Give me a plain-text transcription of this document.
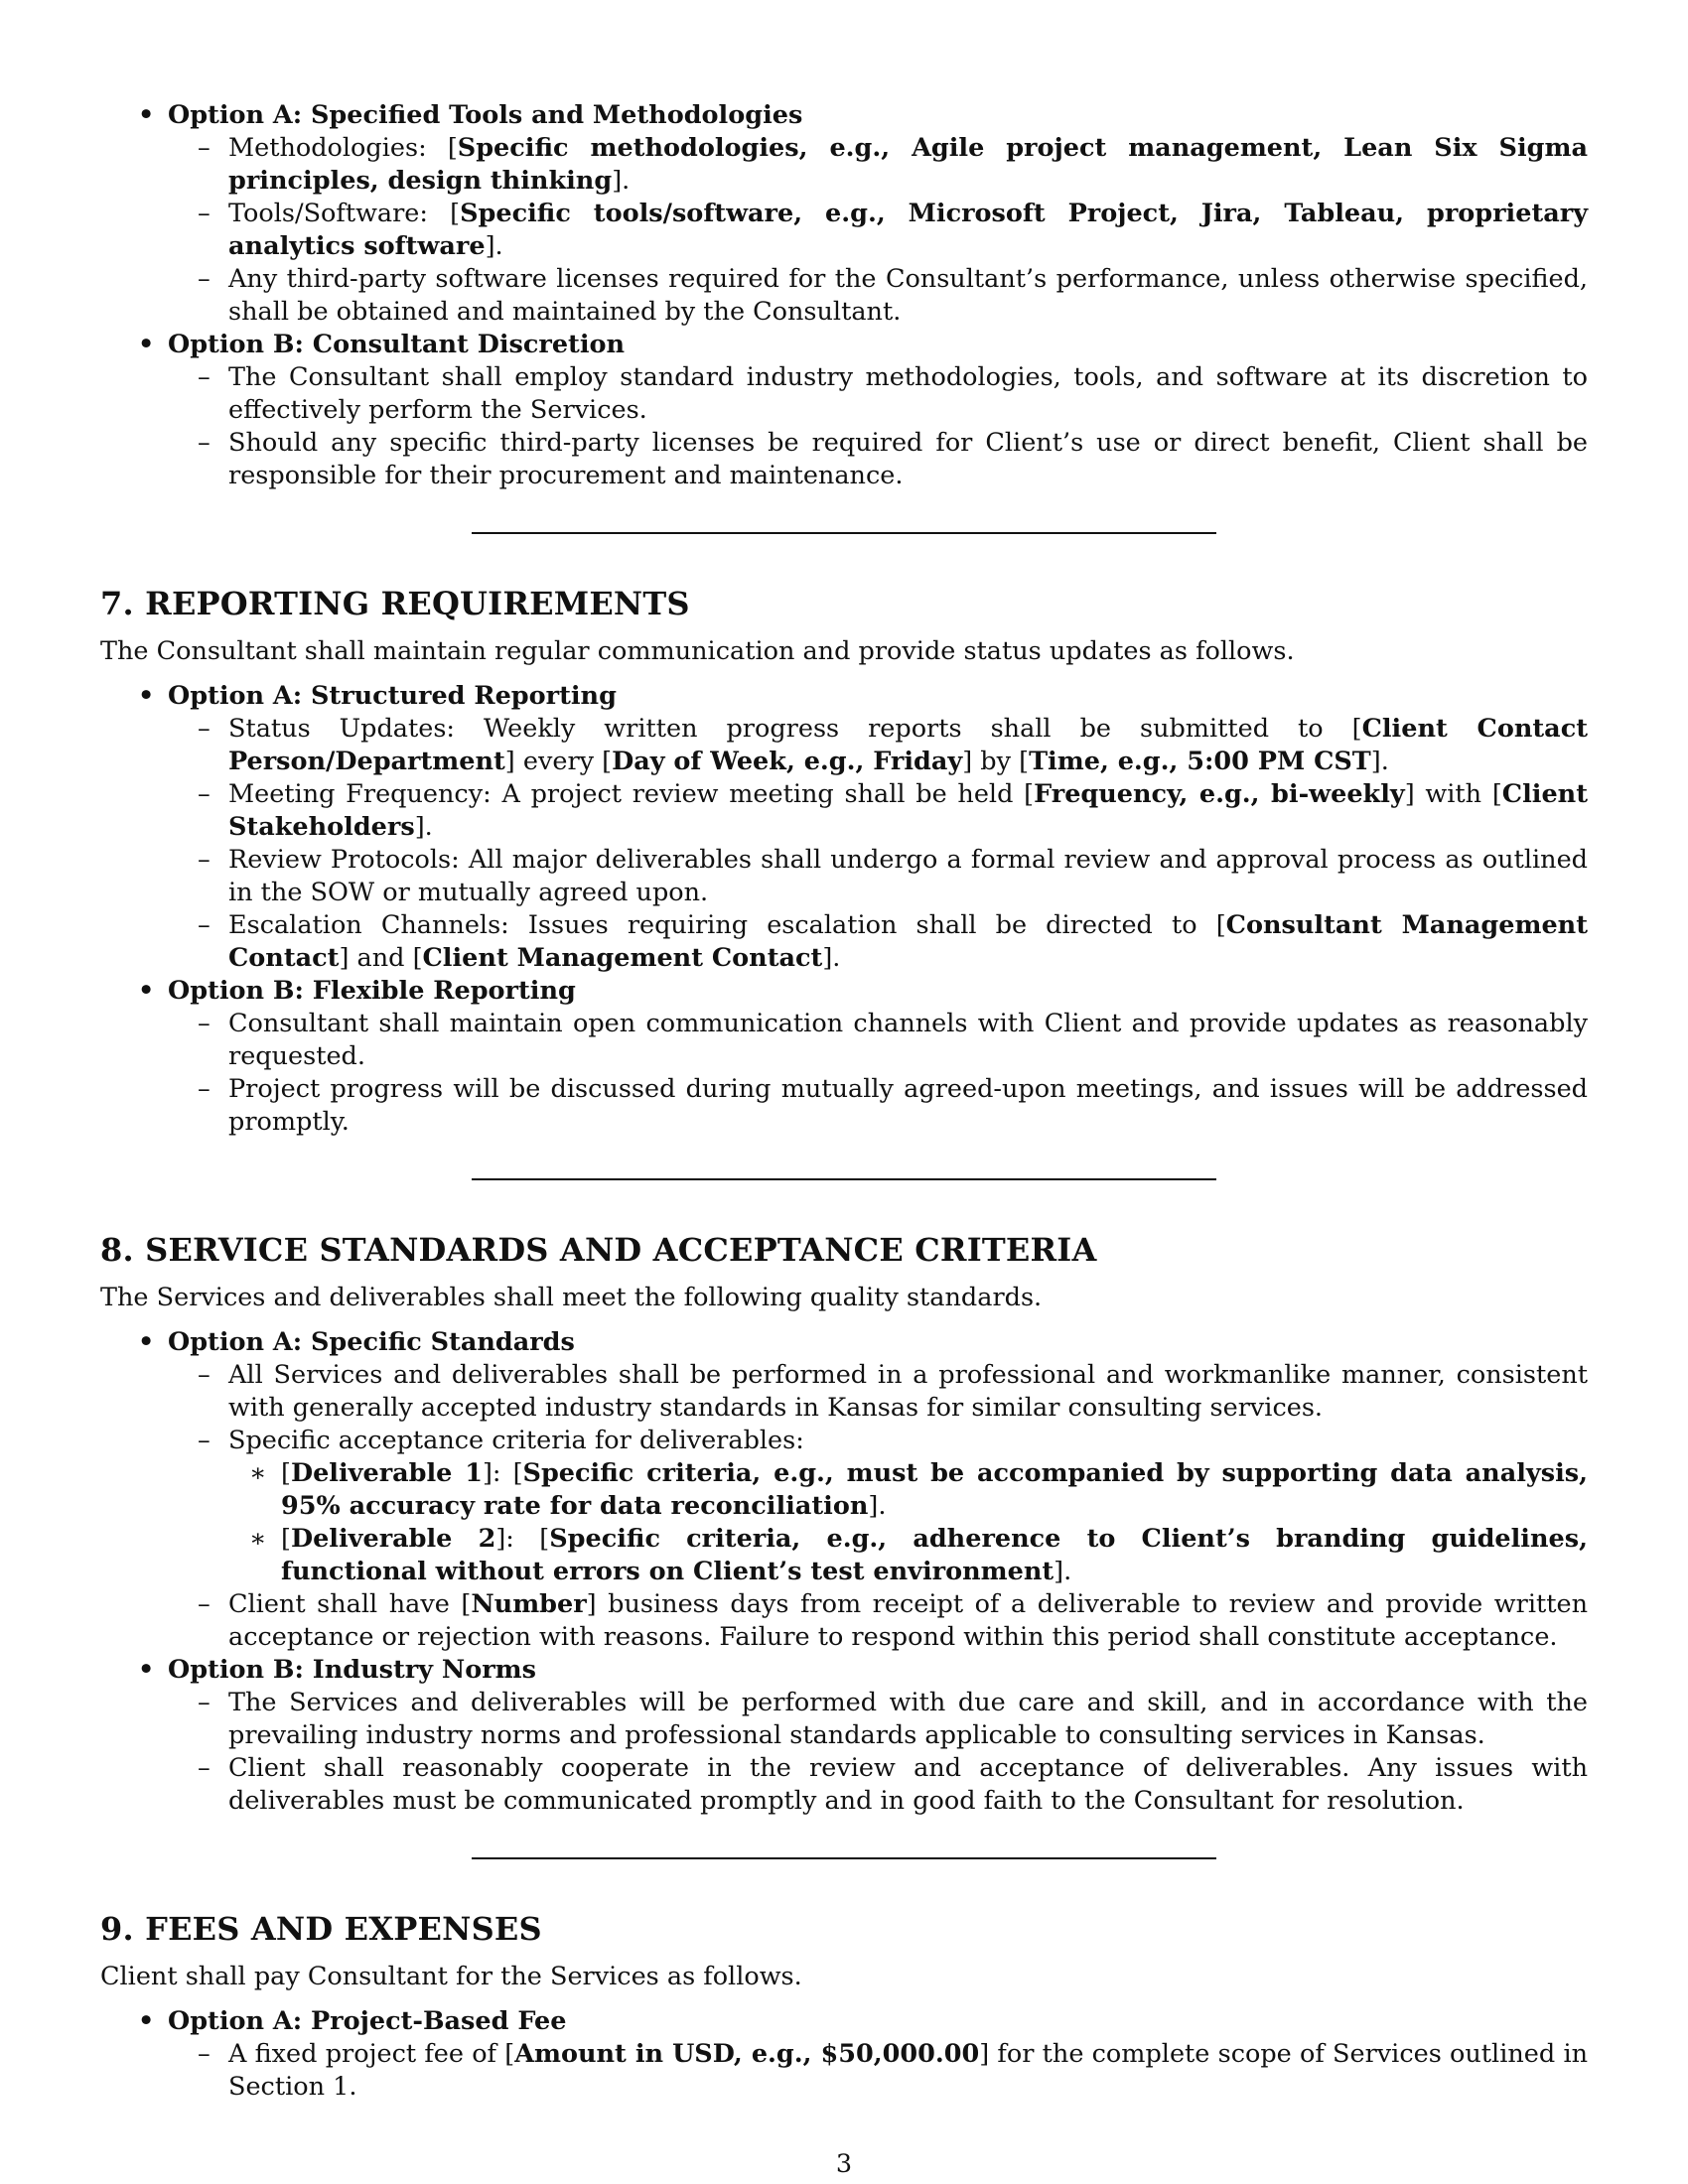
• Option A: Specified Tools and Methodologies
– Methodologies: [Specific methodologies, e.g., Agile project management, Lean Six Sigma principles, design thinking].
– Tools/Software: [Specific tools/software, e.g., Microsoft Project, Jira, Tableau, proprietary analytics software].
– Any third-party software licenses required for the Consultant’s performance, unless otherwise specified, shall be obtained and maintained by the Consultant.
• Option B: Consultant Discretion
– The Consultant shall employ standard industry methodologies, tools, and software at its discretion to effectively perform the Services.
– Should any specific third-party licenses be required for Client’s use or direct benefit, Client shall be responsible for their procurement and maintenance.
7. REPORTING REQUIREMENTS

The Consultant shall maintain regular communication and provide status updates as follows.

• Option A: Structured Reporting
– Status Updates: Weekly written progress reports shall be submitted to [Client Contact Person/Department] every [Day of Week, e.g., Friday] by [Time, e.g., 5:00 PM CST].
– Meeting Frequency: A project review meeting shall be held [Frequency, e.g., bi-weekly] with [Client Stakeholders].
– Review Protocols: All major deliverables shall undergo a formal review and approval process as outlined in the SOW or mutually agreed upon.
– Escalation Channels: Issues requiring escalation shall be directed to [Consultant Management Contact] and [Client Management Contact].
• Option B: Flexible Reporting
– Consultant shall maintain open communication channels with Client and provide updates as reasonably requested.
– Project progress will be discussed during mutually agreed-upon meetings, and issues will be addressed promptly.
8. SERVICE STANDARDS AND ACCEPTANCE CRITERIA

The Services and deliverables shall meet the following quality standards.

• Option A: Specific Standards
– All Services and deliverables shall be performed in a professional and workmanlike manner, consistent with generally accepted industry standards in Kansas for similar consulting services.
– Specific acceptance criteria for deliverables:
∗ [Deliverable 1]: [Specific criteria, e.g., must be accompanied by supporting data analysis, 95% accuracy rate for data reconciliation].
∗ [Deliverable 2]: [Specific criteria, e.g., adherence to Client’s branding guidelines, functional without errors on Client’s test environment].
– Client shall have [Number] business days from receipt of a deliverable to review and provide written acceptance or rejection with reasons. Failure to respond within this period shall constitute acceptance.
• Option B: Industry Norms
– The Services and deliverables will be performed with due care and skill, and in accordance with the prevailing industry norms and professional standards applicable to consulting services in Kansas.
– Client shall reasonably cooperate in the review and acceptance of deliverables. Any issues with deliverables must be communicated promptly and in good faith to the Consultant for resolution.
9. FEES AND EXPENSES

Client shall pay Consultant for the Services as follows.

• Option A: Project-Based Fee
– A fixed project fee of [Amount in USD, e.g., $50,000.00] for the complete scope of Services outlined in Section 1.
3
